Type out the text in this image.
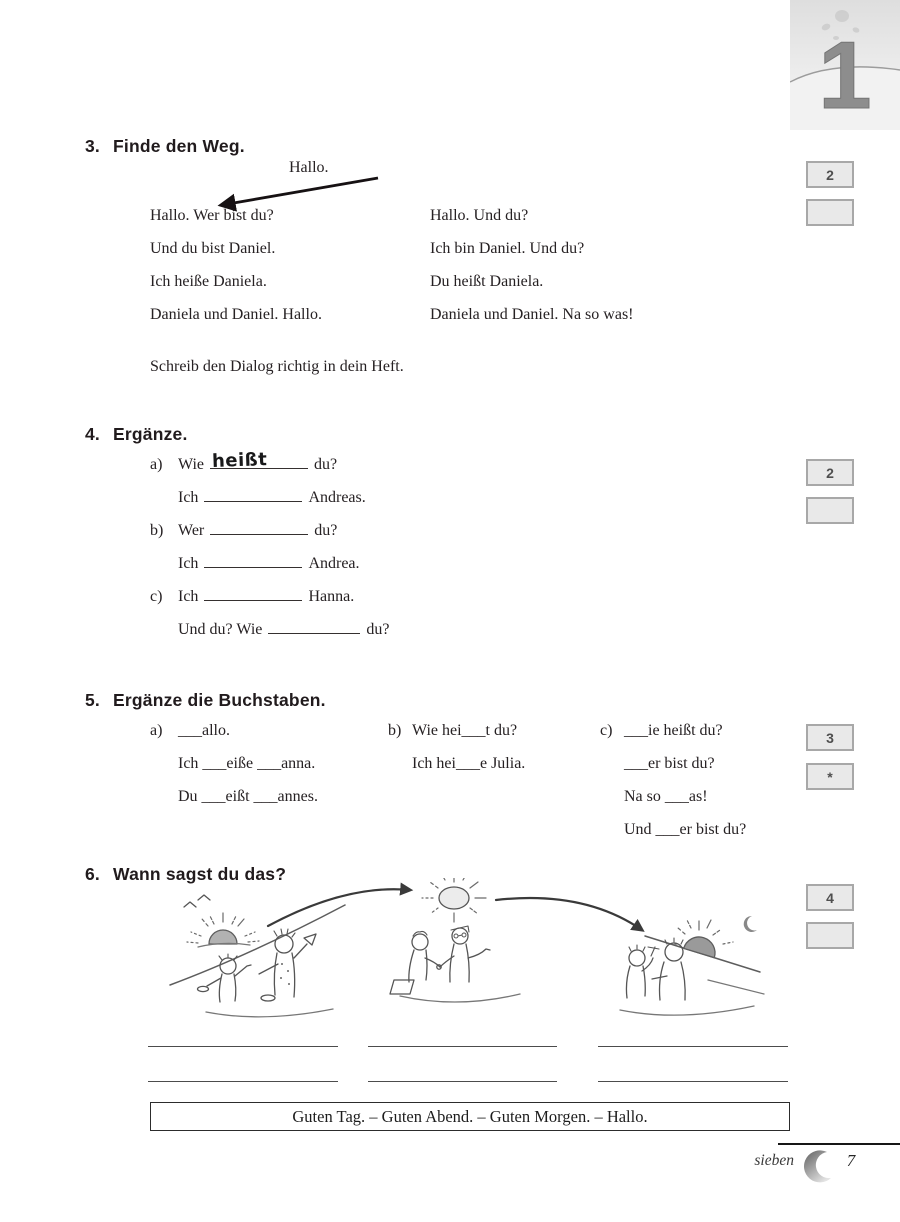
1
3. Finde den Weg.
Hallo.
Hallo. Wer bist du?
Und du bist Daniel.
Ich heiße Daniela.
Daniela und Daniel. Hallo.
Hallo. Und du?
Ich bin Daniel. Und du?
Du heißt Daniela.
Daniela und Daniel. Na so was!
Schreib den Dialog richtig in dein Heft.
2
4. Ergänze.
a) Wie heißt	du?
Ich	Andreas.
b) Wer	du?
Ich	Andrea.
c) Ich	Hanna.
Und du? Wie	du?
2
5. Ergänze die Buchstaben.
a) ___allo.
Ich ___eiße ___anna.
Du ___eißt ___annes.
b) Wie hei___t du?
Ich hei___e Julia.
c) ___ie heißt du?
___er bist du?
Na so ___as!
Und ___er bist du?
3
*
6. Wann sagst du das?
4
Guten Tag. – Guten Abend. – Guten Morgen. – Hallo.
sieben	7
